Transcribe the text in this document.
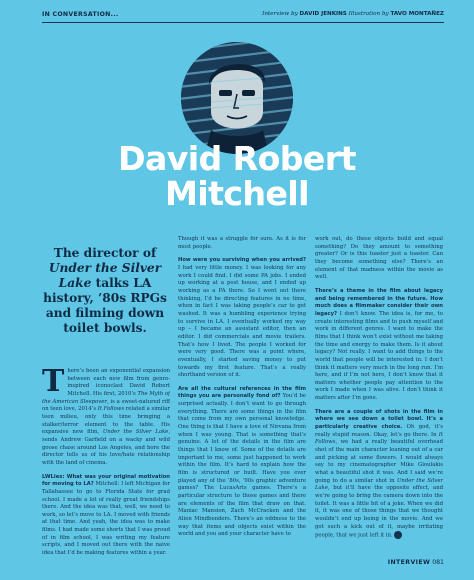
IN CONVERSATION...	Interview by DAVID JENKINS Illustration by TAVO MONTAÑEZ
David Robert
Mitchell
The director of Under the Silver Lake talks LA history, ’80s RPGs and filming down toilet bowls.

There’s been an exponential expansion between each new film from genre-inspired iconoclast David Robert Mitchell. His first, 2010’s The Myth of the American Sleepover, is a sweet-natured riff on teen love, 2014’s It Follows related a similar teen milieu, only this time bringing a stalker/terror element to the table. His expansive new film, Under the Silver Lake, sends Andrew Garfield on a wacky and wild goose chase around Los Angeles, and bore the director tells us of his love/hate relationship with the land of cinema.

LWLies: What was your original motivation for moving to LA? Mitchell: I left Michigan for Tallahassee to go to Florida State for grad school. I made a lot of really great friendships there. And the idea was that, well, we need to work, so let’s move to LA. I moved with friends at that time. And yeah, the idea was to make films. I had made some shorts that I was proud of in film school, I was writing my feature scripts, and I moved out there with the naive idea that I’d be making features within a year.

Though it was a struggle for sure. As it is for most people.

How were you surviving when you arrived? I had very little money. I was looking for any work I could find. I did some PA jobs. I ended up working at a post house, and I ended up working as a PA there. So I went out there thinking, I’d be directing features in no time, when in fact I was taking people’s car to get washed. It was a humbling experience trying to survive in LA. I eventually worked my way up – I became an assistant editor, then an editor. I did commercials and movie trailers. That’s how I lived. The people I worked for were very good. There was a point where, eventually, I started saving money to put towards my first feature. That’s a really shorthand version of it.

Are all the cultural references in the film things you are personally fond of? You’d be surprised actually. I don’t want to go through everything. There are some things in the film that come from my own personal knowledge. One thing is that I have a love of Nirvana from when I was young. That is something that’s genuine. A lot of the details in the film are things that I know of. Some of the details are important to me, some just happened to work within the film. It’s hard to explain how the film is structured or built. Have you ever played any of the ’80s, ’90s graphic adventure games? The LucasArts games. There’s a particular structure to those games and there are elements of the film that draw on that. Maniac Mansion, Zach McCracken and the Alien Mindbenders. There’s an oddness to the way that items and objects exist within the world and you and your character have to

work out, do these objects build and equal something? Do they amount to something greater? Or is this toaster just a toaster. Can they become something else? There’s an element of that madness within the movie as well.

There’s a theme in the film about legacy and being remembered in the future. How much does a filmmaker consider their own legacy? I don’t know. The idea is, for me, to create interesting films and to push myself and work in different genres. I want to make the films that I think won’t exist without me taking the time and energy to make them. Is it about legacy? Not really. I want to add things to the world that people will be interested in. I don’t think it matters very much in the long run. I’m here, and if I’m not here, I don’t know that it matters whether people pay attention to the work I made when I was alive. I don’t think it matters after I’m gone.

There are a couple of shots in the film in where we see down a toilet bowl. It’s a particularly creative choice. Oh god, it’s really stupid reason. Okay, let’s go there. In It Follows, we had a really beautiful overhead shot of the main character leaning out of a car and picking at some flowers. I would always say to my cinematographer Mike Gioulakis what a beautiful shot it was. And I said we’re going to do a similar shot in Under the Silver Lake, but it’ll have the opposite effect, and we’re going to bring the camera down into the toilet. It was a little bit of a joke. When we did it, it was one of those things that we thought wouldn’t end up being in the movie. And we got such a kick out of it, maybe irritating people, that we just left it in.

INTERVIEW 081
